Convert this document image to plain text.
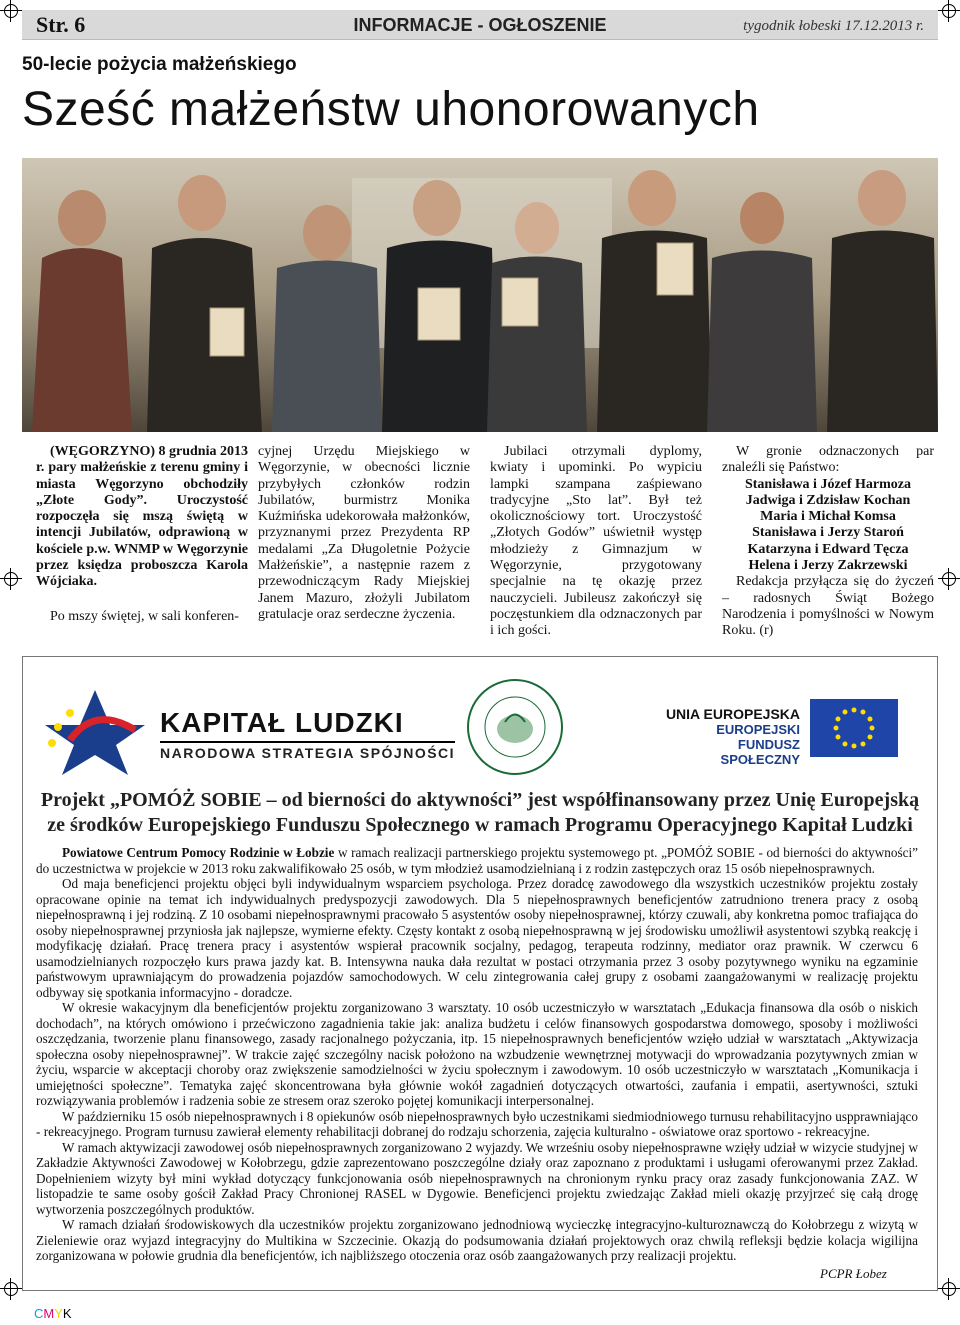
Str. 6	INFORMACJE - OGŁOSZENIE	tygodnik łobeski 17.12.2013 r.
50-lecie pożycia małżeńskiego
Sześć małżeństw uhonorowanych

(WĘGORZYNO) 8 grudnia 2013 r. pary małżeńskie z terenu gminy i miasta Węgorzyno obchodziły „Złote Gody”. Uroczystość rozpoczęła się mszą świętą w intencji Jubilatów, odprawioną w kościele p.w. WNMP w Węgorzynie przez księdza proboszcza Karola Wójciaka.

Po mszy świętej, w sali konferen-

cyjnej Urzędu Miejskiego w Węgorzynie, w obecności licznie przybyłych członków rodzin Jubilatów, burmistrz Monika Kuźmińska udekorowała małżonków, przyznanymi przez Prezydenta RP medalami „Za Długoletnie Pożycie Małżeńskie”, a następnie razem z przewodniczącym Rady Miejskiej Janem Mazuro, złożyli Jubilatom gratulacje oraz serdeczne życzenia.

Jubilaci otrzymali dyplomy, kwiaty i upominki. Po wypiciu lampki szampana zaśpiewano tradycyjne „Sto lat”. Był też okolicznościowy tort. Uroczystość „Złotych Godów” uświetnił występ młodzieży z Gimnazjum w Węgorzynie, przygotowany specjalnie na tę okazję przez nauczycieli. Jubileusz zakończył się poczęstunkiem dla odznaczonych par i ich gości.

W gronie odznaczonych par znaleźli się Państwo:

Stanisława i Józef Harmoza
Jadwiga i Zdzisław Kochan
Maria i Michał Komsa
Stanisława i Jerzy Staroń
Katarzyna i Edward Tęcza
Helena i Jerzy Zakrzewski

Redakcja przyłącza się do życzeń – radosnych Świąt Bożego Narodzenia i pomyślności w Nowym Roku. (r)

KAPITAŁ LUDZKI
NARODOWA STRATEGIA SPÓJNOŚCI
UNIA EUROPEJSKA
EUROPEJSKI
FUNDUSZ SPOŁECZNY
Projekt „POMÓŻ SOBIE – od bierności do aktywności” jest współfinansowany przez Unię Europejską
ze środków Europejskiego Funduszu Społecznego w ramach Programu Operacyjnego Kapitał Ludzki

Powiatowe Centrum Pomocy Rodzinie w Łobzie w ramach realizacji partnerskiego projektu systemowego pt. „POMÓŻ SOBIE - od bierności do aktywności” do uczestnictwa w projekcie w 2013 roku zakwalifikowało 25 osób, w tym młodzież usamodzielnianą i z rodzin zastępczych oraz 15 osób niepełnosprawnych.

Od maja beneficjenci projektu objęci byli indywidualnym wsparciem psychologa. Przez doradcę zawodowego dla wszystkich uczestników projektu zostały opracowane opinie na temat ich indywidualnych predyspozycji zawodowych. Dla 5 niepełnosprawnych beneficjentów zatrudniono trenera pracy z osobą niepełnosprawną i jej rodziną. Z 10 osobami niepełnosprawnymi pracowało 5 asystentów osoby niepełnosprawnej, którzy czuwali, aby konkretna pomoc trafiająca do osoby niepełnosprawnej przyniosła jak najlepsze, wymierne efekty. Częsty kontakt z osobą niepełnosprawną w jej środowisku umożliwił asystentowi szybką reakcję i modyfikację działań. Pracę trenera pracy i asystentów wspierał pracownik socjalny, pedagog, terapeuta rodzinny, mediator oraz prawnik. W czerwcu 6 usamodzielnianych rozpoczęło kurs prawa jazdy kat. B. Intensywna nauka dała rezultat w postaci otrzymania przez 3 osoby pozytywnego wyniku na egzaminie państwowym uprawniającym do prowadzenia pojazdów samochodowych. W celu zintegrowania całej grupy z osobami zaangażowanymi w realizację projektu odbyway się spotkania informacyjno - doradcze.

W okresie wakacyjnym dla beneficjentów projektu zorganizowano 3 warsztaty. 10 osób uczestniczyło w warsztatach „Edukacja finansowa dla osób o niskich dochodach”, na których omówiono i przećwiczono zagadnienia takie jak: analiza budżetu i celów finansowych gospodarstwa domowego, sposoby i możliwości oszczędzania, tworzenie planu finansowego, zasady racjonalnego pożyczania, itp. 15 niepełnosprawnych beneficjentów wzięło udział w warsztatach „Aktywizacja społeczna osoby niepełnosprawnej”. W trakcie zajęć szczególny nacisk położono na wzbudzenie wewnętrznej motywacji do wprowadzania pozytywnych zmian w życiu, wsparcie w akceptacji choroby oraz zwiększenie samodzielności w życiu społecznym i zawodowym. 10 osób uczestniczyło w warsztatach „Komunikacja i umiejętności społeczne”. Tematyka zajęć skoncentrowana była głównie wokół zagadnień dotyczących otwartości, zaufania i empatii, asertywności, sztuki rozwiązywania problemów i radzenia sobie ze stresem oraz szeroko pojętej komunikacji interpersonalnej.

W październiku 15 osób niepełnosprawnych i 8 opiekunów osób niepełnosprawnych było uczestnikami siedmiodniowego turnusu rehabilitacyjno uspprawniająco - rekreacyjnego. Program turnusu zawierał elementy rehabilitacji dobranej do rodzaju schorzenia, zajęcia kulturalno - oświatowe oraz sportowo - rekreacyjne.

W ramach aktywizacji zawodowej osób niepełnosprawnych zorganizowano 2 wyjazdy. We wrześniu osoby niepełnosprawne wzięły udział w wizycie studyjnej w Zakładzie Aktywności Zawodowej w Kołobrzegu, gdzie zaprezentowano poszczególne działy oraz zapoznano z produktami i usługami oferowanymi przez Zakład. Dopełnieniem wizyty był mini wykład dotyczący funkcjonowania osób niepełnosprawnych na chronionym rynku pracy oraz zasady funkcjonowania ZAZ. W listopadzie te same osoby gościł Zakład Pracy Chronionej RASEL w Dygowie. Beneficjenci projektu zwiedzając Zakład mieli okazję przyjrzeć się całą drogę wytworzenia poszczególnych produktów.

W ramach działań środowiskowych dla uczestników projektu zorganizowano jednodniową wycieczkę integracyjno-kulturoznawczą do Kołobrzegu z wizytą w Zieleniewie oraz wyjazd integracyjny do Multikina w Szczecinie. Okazją do podsumowania działań projektowych oraz chwilą refleksji będzie kolacja wigilijna zorganizowana w połowie grudnia dla beneficjentów, ich najbliższego otoczenia oraz osób zaangażowanych przy realizacji projektu.

PCPR Łobez
CMYK
